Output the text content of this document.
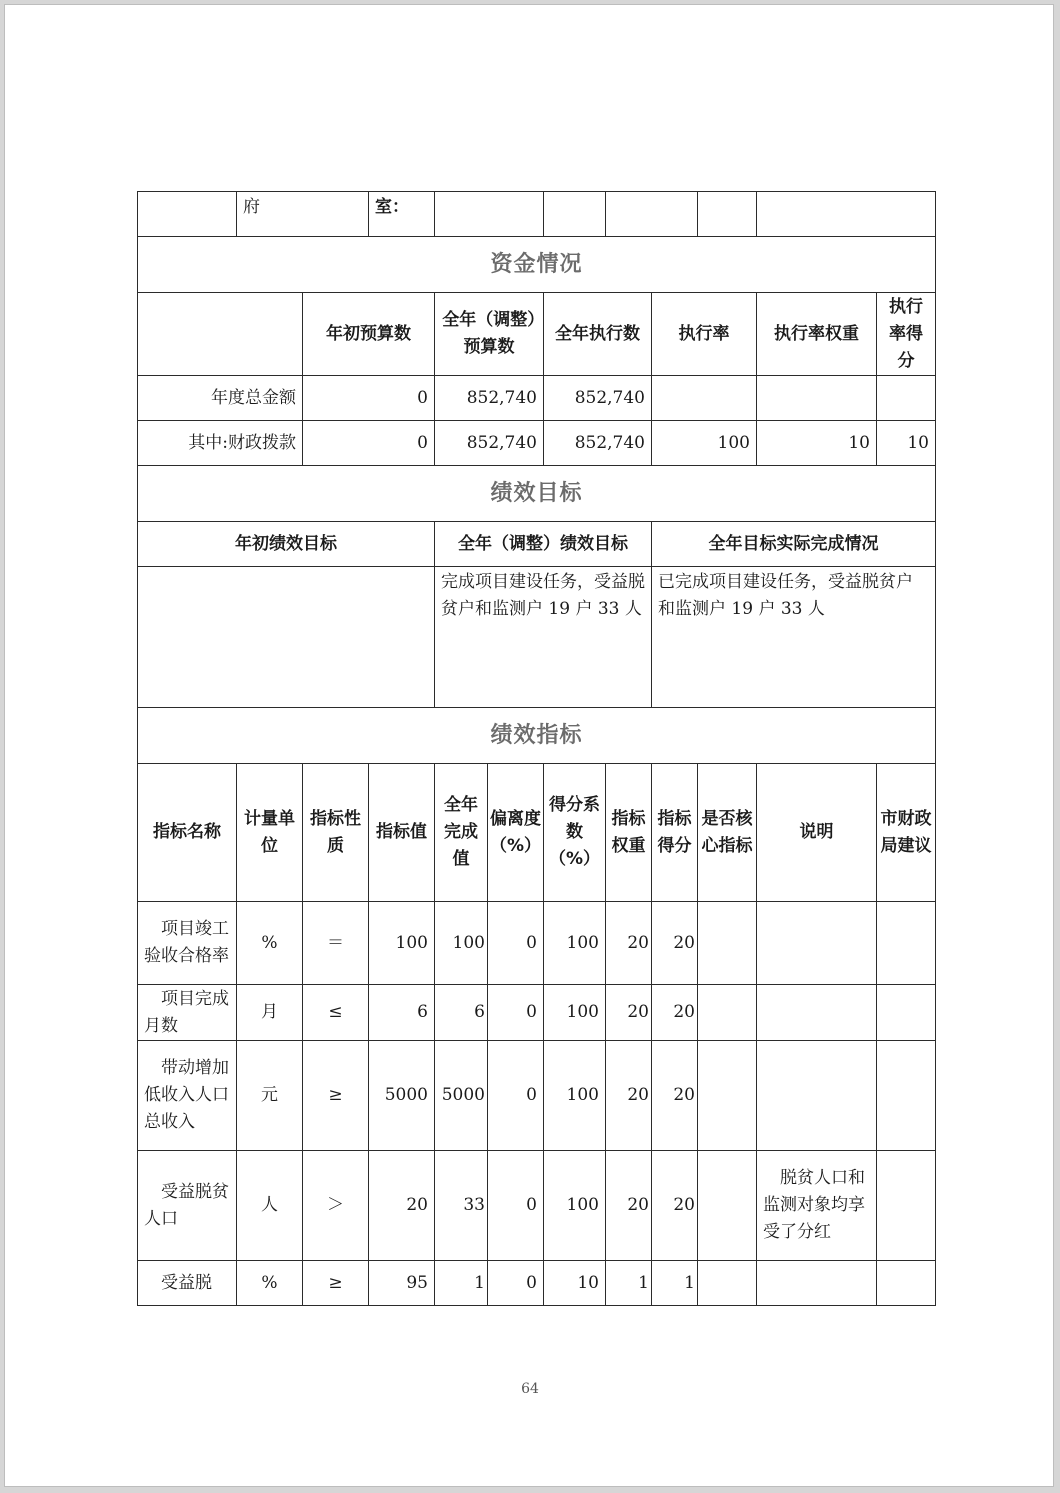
	府		室：								
资金情况											
		年初预算数		全年（调整）预算数		全年执行数		执行率		执行率权重	执行率得分
年度总金额		0		852,740		852,740					
其中:财政拨款		0		852,740		852,740		100		10	10
绩效目标											
年初绩效目标				全年（调整）绩效目标				全年目标实际完成情况			
				完成项目建设任务，受益脱贫户和监测户 19 户 33 人				已完成项目建设任务，受益脱贫户和监测户 19 户 33 人			
绩效指标											
指标名称	计量单位	指标性质	指标值	全年完成值	偏离度（%）	得分系数（%）	指标权重	指标得分	是否核心指标	说明	市财政局建议
项目竣工验收合格率	%	＝	100	100	0	100	20	20			
项目完成月数	月	≤	6	6	0	100	20	20			
带动增加低收入人口总收入	元	≥	5000	5000	0	100	20	20			
受益脱贫人口	人	＞	20	33	0	100	20	20		脱贫人口和监测对象均享受了分红	
受益脱	%	≥	95	1	0	10	1	1			
64
